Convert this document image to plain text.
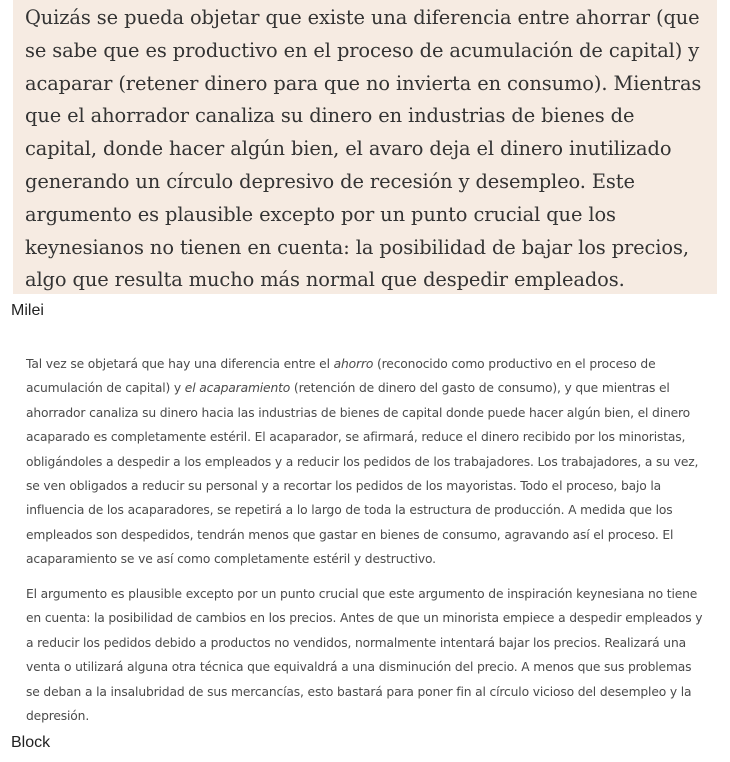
Quizás se pueda objetar que existe una diferencia entre ahorrar (que se sabe que es productivo en el proceso de acumulación de capital) y acaparar (retener dinero para que no invierta en consumo). Mientras que el ahorrador canaliza su dinero en industrias de bienes de capital, donde hacer algún bien, el avaro deja el dinero inutilizado generando un círculo depresivo de recesión y desempleo. Este argumento es plausible excepto por un punto crucial que los keynesianos no tienen en cuenta: la posibilidad de bajar los precios, algo que resulta mucho más normal que despedir empleados.

Milei

Tal vez se objetará que hay una diferencia entre el ahorro (reconocido como productivo en el proceso de acumulación de capital) y el acaparamiento (retención de dinero del gasto de consumo), y que mientras el ahorrador canaliza su dinero hacia las industrias de bienes de capital donde puede hacer algún bien, el dinero acaparado es completamente estéril. El acaparador, se afirmará, reduce el dinero recibido por los minoristas, obligándoles a despedir a los empleados y a reducir los pedidos de los trabajadores. Los trabajadores, a su vez, se ven obligados a reducir su personal y a recortar los pedidos de los mayoristas. Todo el proceso, bajo la influencia de los acaparadores, se repetirá a lo largo de toda la estructura de producción. A medida que los empleados son despedidos, tendrán menos que gastar en bienes de consumo, agravando así el proceso. El acaparamiento se ve así como completamente estéril y destructivo.

El argumento es plausible excepto por un punto crucial que este argumento de inspiración keynesiana no tiene en cuenta: la posibilidad de cambios en los precios. Antes de que un minorista empiece a despedir empleados y a reducir los pedidos debido a productos no vendidos, normalmente intentará bajar los precios. Realizará una venta o utilizará alguna otra técnica que equivaldrá a una disminución del precio. A menos que sus problemas se deban a la insalubridad de sus mercancías, esto bastará para poner fin al círculo vicioso del desempleo y la depresión.

Block
